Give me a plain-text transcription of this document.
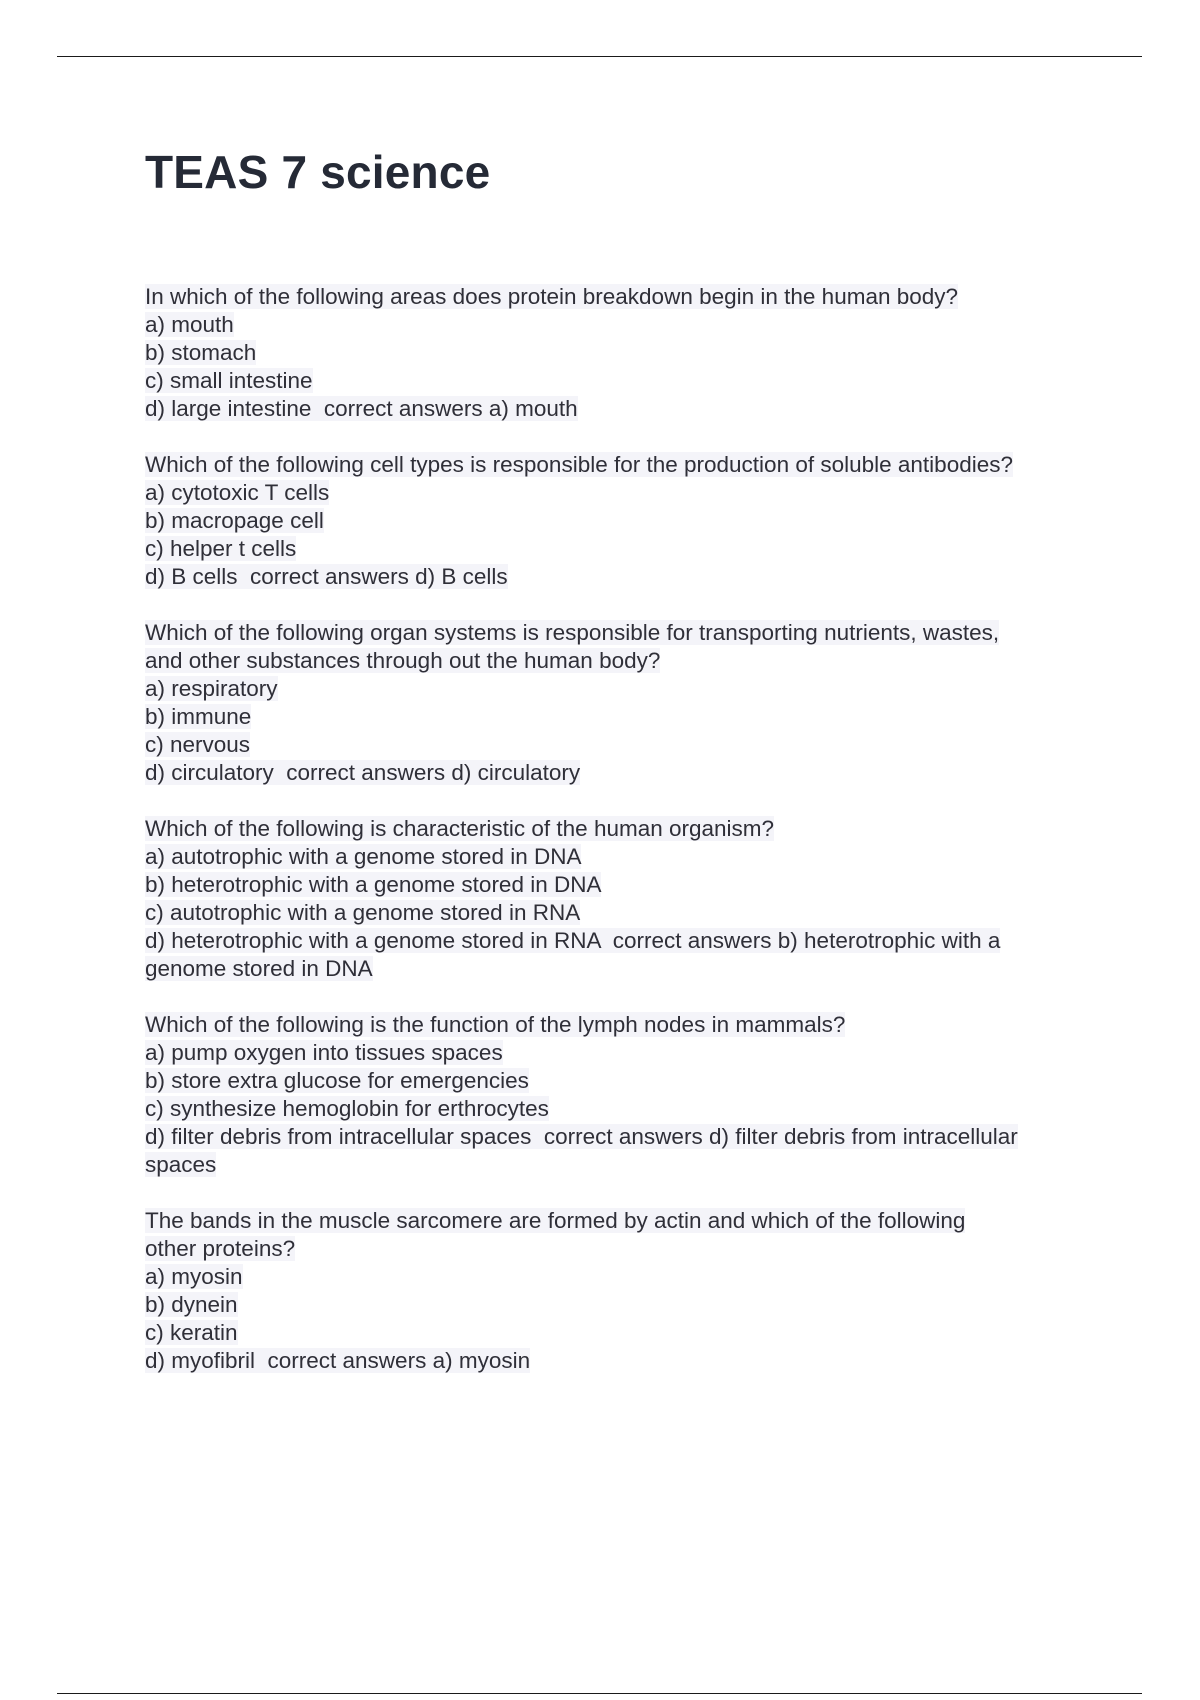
TEAS 7 science
In which of the following areas does protein breakdown begin in the human body?
a) mouth
b) stomach
c) small intestine
d) large intestine  correct answers a) mouth
Which of the following cell types is responsible for the production of soluble antibodies?
a) cytotoxic T cells
b) macropage cell
c) helper t cells
d) B cells  correct answers d) B cells
Which of the following organ systems is responsible for transporting nutrients, wastes,
and other substances through out the human body?
a) respiratory
b) immune
c) nervous
d) circulatory  correct answers d) circulatory
Which of the following is characteristic of the human organism?
a) autotrophic with a genome stored in DNA
b) heterotrophic with a genome stored in DNA
c) autotrophic with a genome stored in RNA
d) heterotrophic with a genome stored in RNA  correct answers b) heterotrophic with a
genome stored in DNA
Which of the following is the function of the lymph nodes in mammals?
a) pump oxygen into tissues spaces
b) store extra glucose for emergencies
c) synthesize hemoglobin for erthrocytes
d) filter debris from intracellular spaces  correct answers d) filter debris from intracellular
spaces
The bands in the muscle sarcomere are formed by actin and which of the following
other proteins?
a) myosin
b) dynein
c) keratin
d) myofibril  correct answers a) myosin
